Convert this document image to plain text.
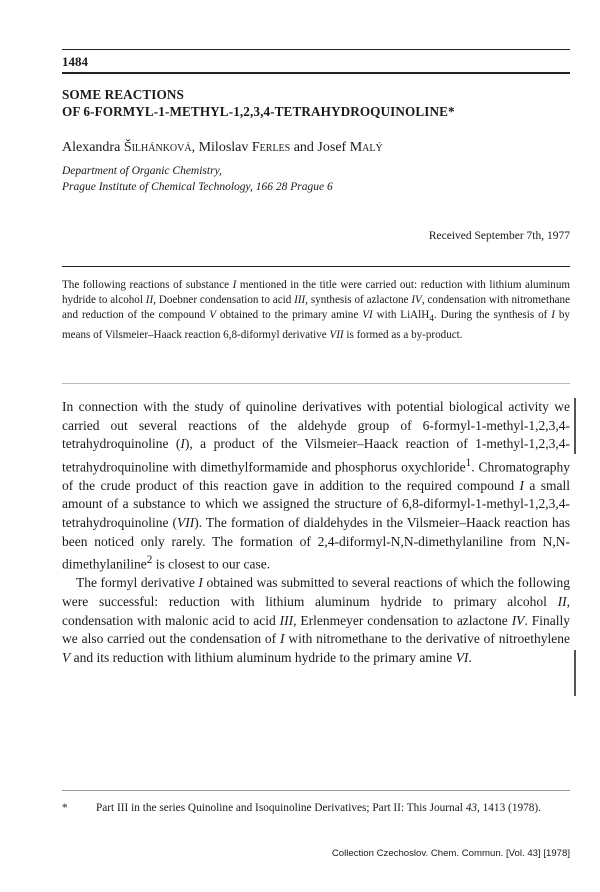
1484
SOME REACTIONS
OF 6-FORMYL-1-METHYL-1,2,3,4-TETRAHYDROQUINOLINE*
Alexandra Šilhánková, Miloslav Ferles and Josef Malý
Department of Organic Chemistry,
Prague Institute of Chemical Technology, 166 28 Prague 6
Received September 7th, 1977
The following reactions of substance I mentioned in the title were carried out: reduction with lithium aluminum hydride to alcohol II, Doebner condensation to acid III, synthesis of azlactone IV, condensation with nitromethane and reduction of the compound V obtained to the primary amine VI with LiAlH$_4$. During the synthesis of I by means of Vilsmeier–Haack reaction 6,8-diformyl derivative VII is formed as a by-product.

In connection with the study of quinoline derivatives with potential biological activity we carried out several reactions of the aldehyde group of 6-formyl-1-methyl-1,2,3,4-tetrahydroquinoline (I), a product of the Vilsmeier–Haack reaction of 1-methyl-1,2,3,4-tetrahydroquinoline with dimethylformamide and phosphorus oxychloride$^1$. Chromatography of the crude product of this reaction gave in addition to the required compound I a small amount of a substance to which we assigned the structure of 6,8-diformyl-1-methyl-1,2,3,4-tetrahydroquinoline (VII). The formation of dialdehydes in the Vilsmeier–Haack reaction has been noticed only rarely. The formation of 2,4-diformyl-N,N-dimethylaniline from N,N-dimethylaniline$^2$ is closest to our case.

The formyl derivative I obtained was submitted to several reactions of which the following were successful: reduction with lithium aluminum hydride to primary alcohol II, condensation with malonic acid to acid III, Erlenmeyer condensation to azlactone IV. Finally we also carried out the condensation of I with nitromethane to the derivative of nitroethylene V and its reduction with lithium aluminum hydride to the primary amine VI.

*	Part III in the series Quinoline and Isoquinoline Derivatives; Part II: This Journal 43, 1413 (1978).
Collection Czechoslov. Chem. Commun. [Vol. 43] [1978]
